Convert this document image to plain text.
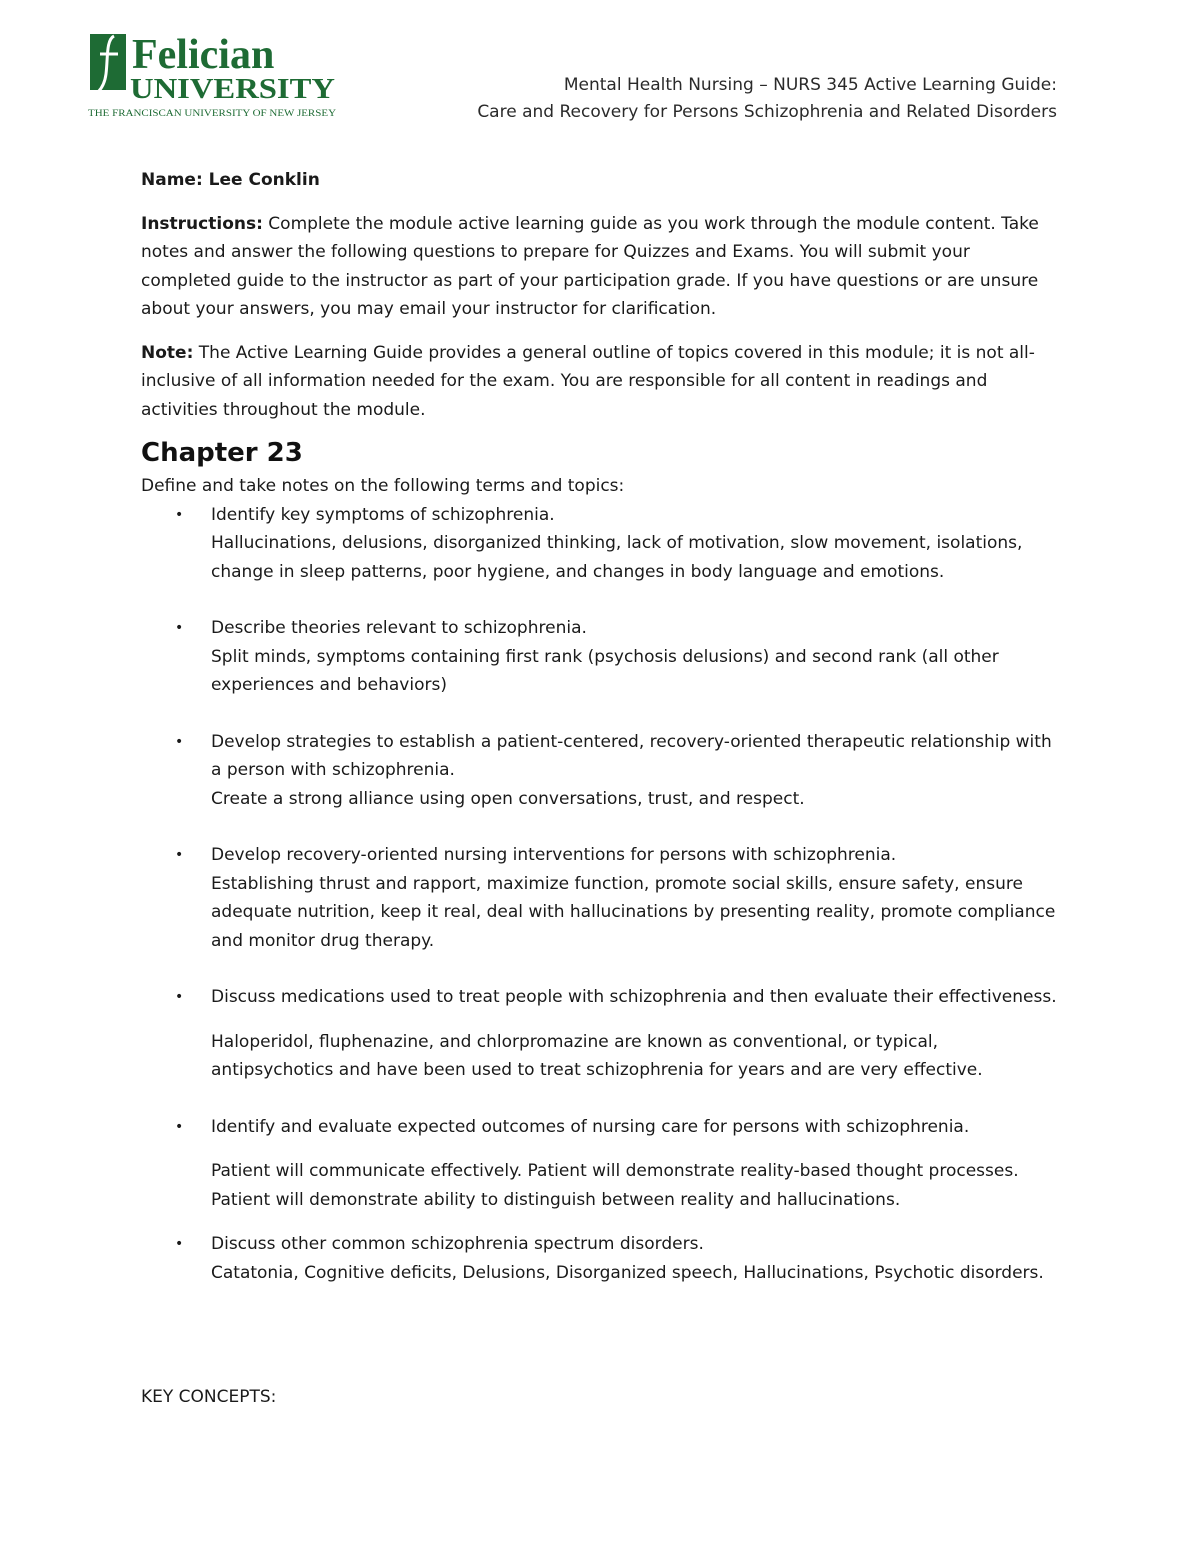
Felician
UNIVERSITY
THE FRANCISCAN UNIVERSITY OF NEW JERSEY
Mental Health Nursing – NURS 345 Active Learning Guide:
Care and Recovery for Persons Schizophrenia and Related Disorders

Name: Lee Conklin

Instructions: Complete the module active learning guide as you work through the module content. Take notes and answer the following questions to prepare for Quizzes and Exams. You will submit your completed guide to the instructor as part of your participation grade. If you have questions or are unsure about your answers, you may email your instructor for clarification.

Note: The Active Learning Guide provides a general outline of topics covered in this module; it is not all-inclusive of all information needed for the exam. You are responsible for all content in readings and activities throughout the module.

Chapter 23

Define and take notes on the following terms and topics:

• Identify key symptoms of schizophrenia.
Hallucinations, delusions, disorganized thinking, lack of motivation, slow movement, isolations, change in sleep patterns, poor hygiene, and changes in body language and emotions.
• Describe theories relevant to schizophrenia.
Split minds, symptoms containing first rank (psychosis delusions) and second rank (all other experiences and behaviors)
• Develop strategies to establish a patient-centered, recovery-oriented therapeutic relationship with a person with schizophrenia.
Create a strong alliance using open conversations, trust, and respect.
• Develop recovery-oriented nursing interventions for persons with schizophrenia.
Establishing thrust and rapport, maximize function, promote social skills, ensure safety, ensure adequate nutrition, keep it real, deal with hallucinations by presenting reality, promote compliance and monitor drug therapy.
• Discuss medications used to treat people with schizophrenia and then evaluate their effectiveness.
Haloperidol, fluphenazine, and chlorpromazine are known as conventional, or typical, antipsychotics and have been used to treat schizophrenia for years and are very effective.
• Identify and evaluate expected outcomes of nursing care for persons with schizophrenia.
Patient will communicate effectively. Patient will demonstrate reality-based thought processes. Patient will demonstrate ability to distinguish between reality and hallucinations.
• Discuss other common schizophrenia spectrum disorders.
Catatonia, Cognitive deficits, Delusions, Disorganized speech, Hallucinations, Psychotic disorders.
KEY CONCEPTS:
